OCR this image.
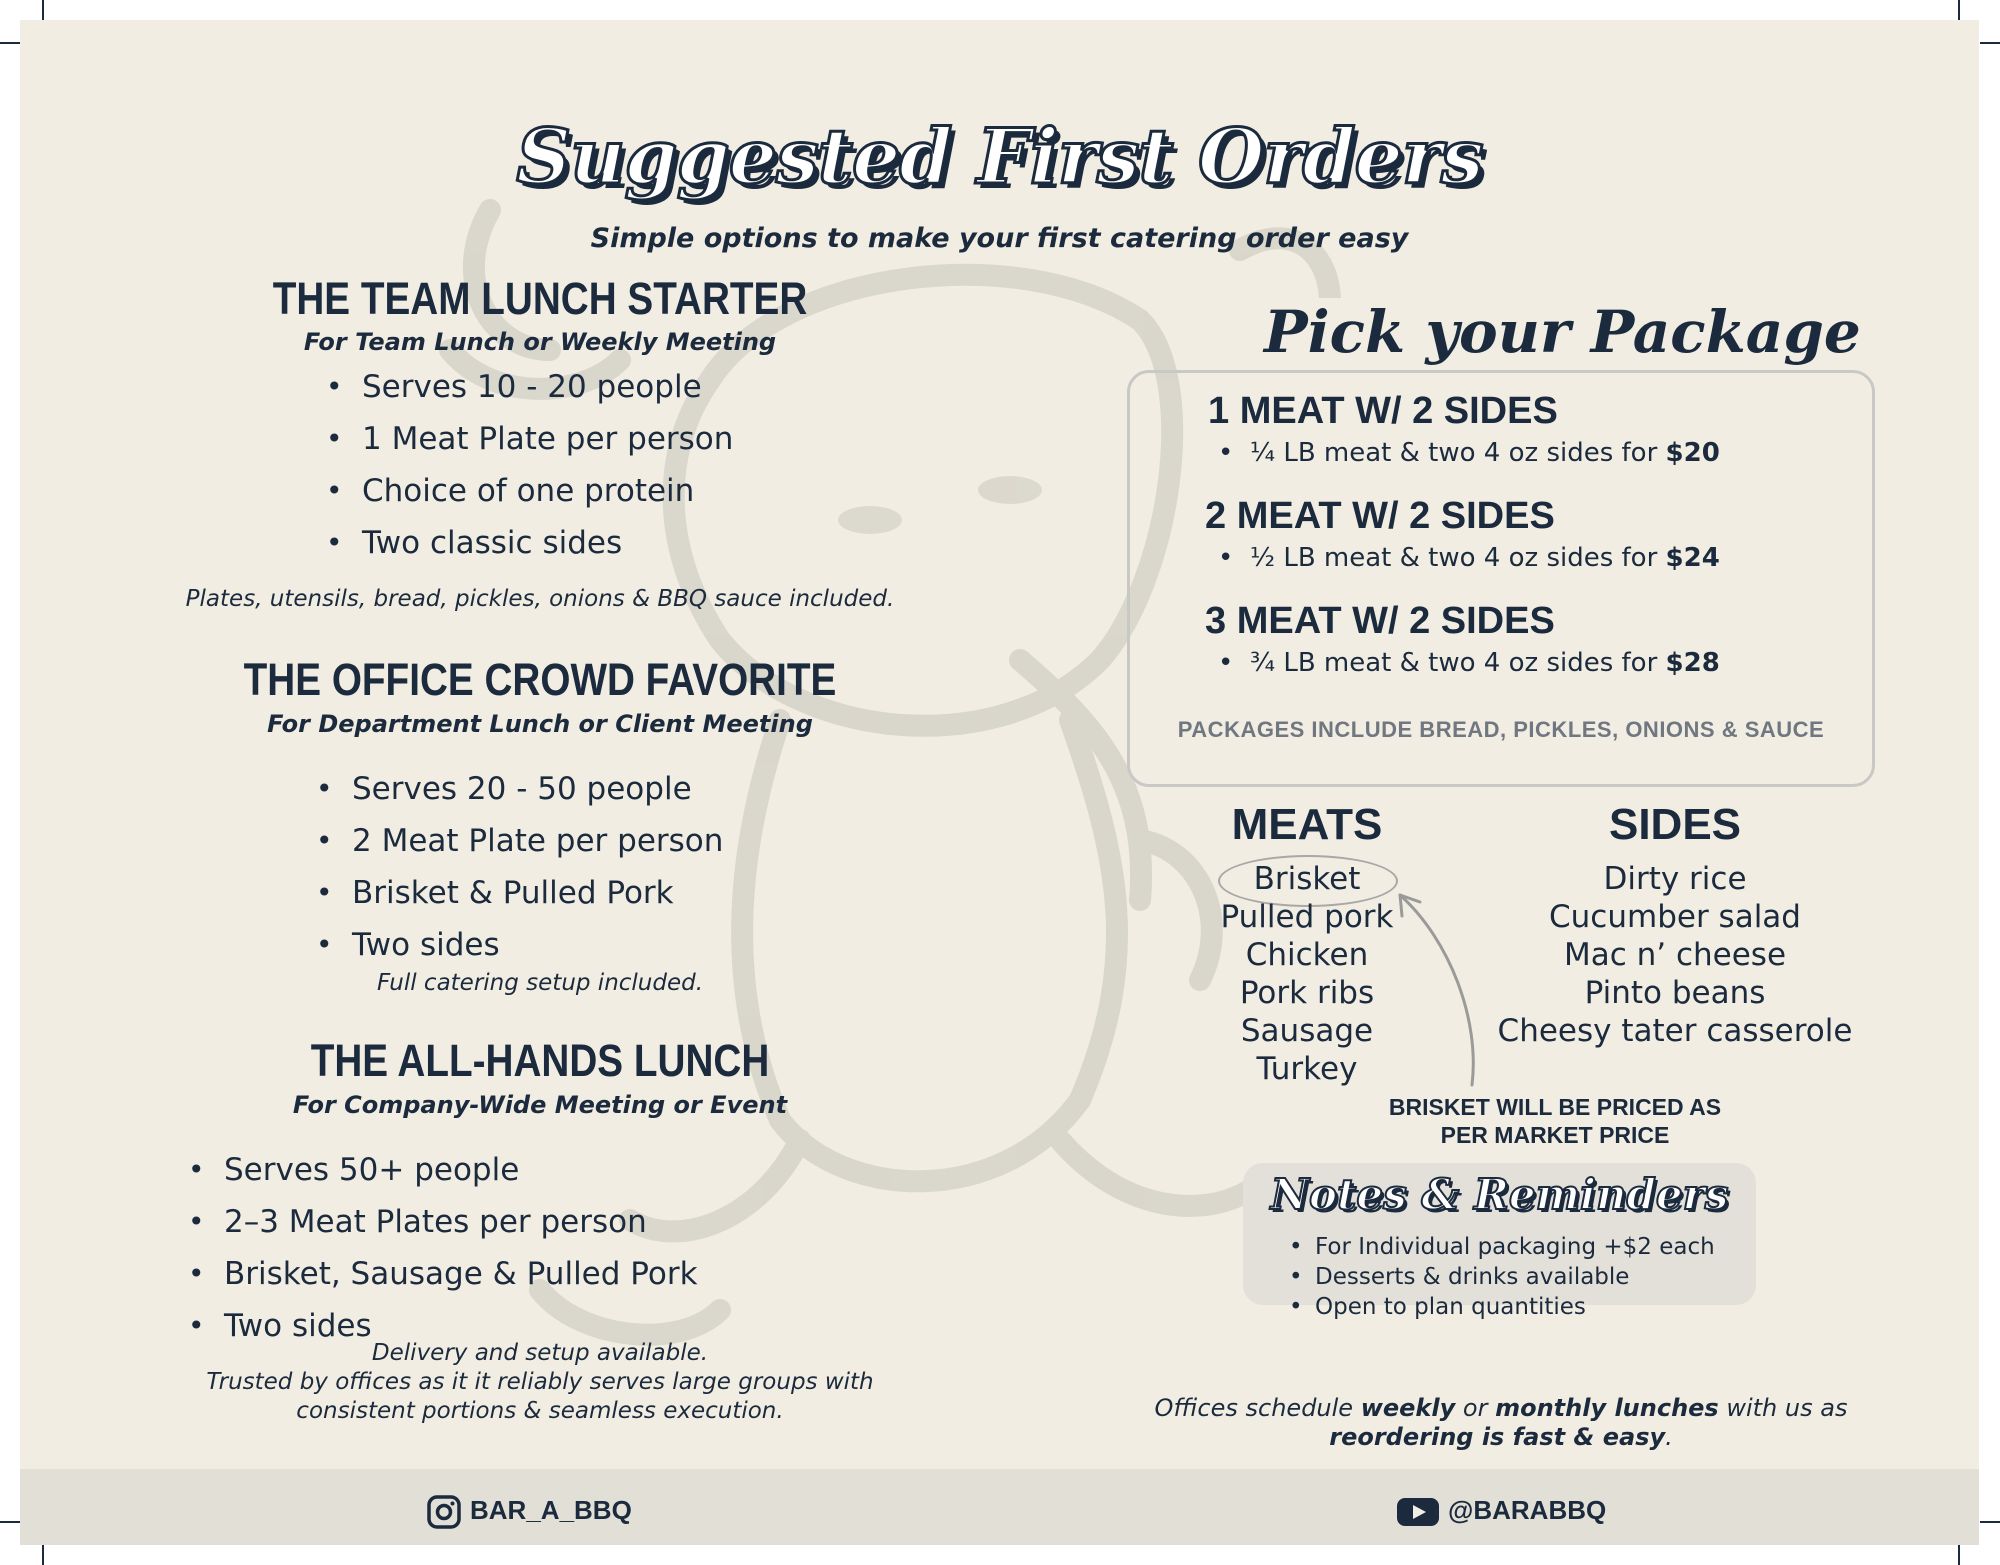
Suggested First Orders
Simple options to make your first catering order easy
THE TEAM LUNCH STARTER
For Team Lunch or Weekly Meeting
• Serves 10 - 20 people
• 1 Meat Plate per person
• Choice of one protein
• Two classic sides
Plates, utensils, bread, pickles, onions & BBQ sauce included.
THE OFFICE CROWD FAVORITE
For Department Lunch or Client Meeting
• Serves 20 - 50 people
• 2 Meat Plate per person
• Brisket & Pulled Pork
• Two sides
Full catering setup included.
THE ALL-HANDS LUNCH
For Company-Wide Meeting or Event
• Serves 50+ people
• 2–3 Meat Plates per person
• Brisket, Sausage & Pulled Pork
• Two sides
Delivery and setup available.
Trusted by offices as it it reliably serves large groups with
consistent portions & seamless execution.
Pick your Package
1 MEAT W/ 2 SIDES
•  ¼ LB meat & two 4 oz sides for $20
2 MEAT W/ 2 SIDES
•  ½ LB meat & two 4 oz sides for $24
3 MEAT W/ 2 SIDES
•  ¾ LB meat & two 4 oz sides for $28
PACKAGES INCLUDE BREAD, PICKLES, ONIONS & SAUCE
MEATS
Brisket
Pulled pork
Chicken
Pork ribs
Sausage
Turkey
SIDES
Dirty rice
Cucumber salad
Mac n’ cheese
Pinto beans
Cheesy tater casserole
BRISKET WILL BE PRICED AS
PER MARKET PRICE
Notes & Reminders
• For Individual packaging +$2 each
• Desserts & drinks available
• Open to plan quantities
Offices schedule weekly or monthly lunches with us as
reordering is fast & easy.
BAR_A_BBQ	@BARABBQ
